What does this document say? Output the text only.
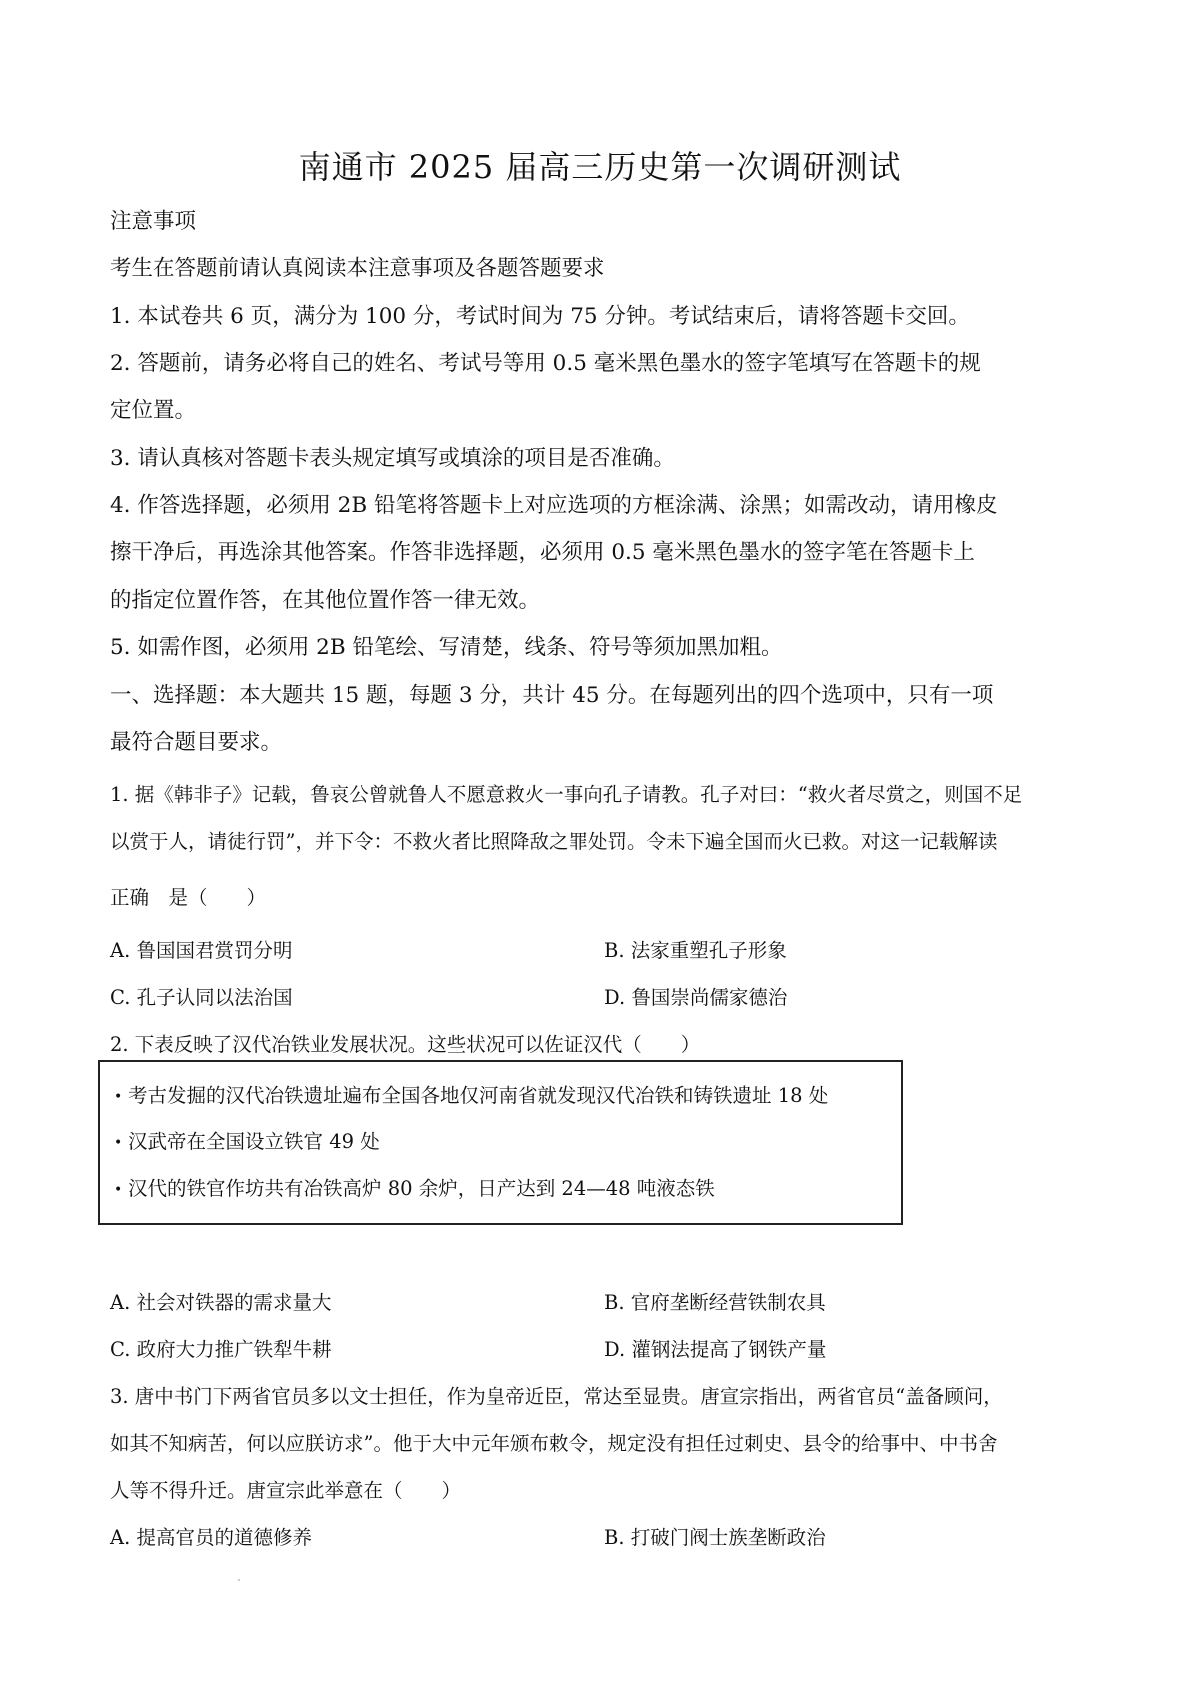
南通市 2025 届高三历史第一次调研测试
注意事项
考生在答题前请认真阅读本注意事项及各题答题要求
1. 本试卷共 6 页，满分为 100 分，考试时间为 75 分钟。考试结束后，请将答题卡交回。
2. 答题前，请务必将自己的姓名、考试号等用 0.5 毫米黑色墨水的签字笔填写在答题卡的规
定位置。
3. 请认真核对答题卡表头规定填写或填涂的项目是否准确。
4. 作答选择题，必须用 2B 铅笔将答题卡上对应选项的方框涂满、涂黑；如需改动，请用橡皮
擦干净后，再选涂其他答案。作答非选择题，必须用 0.5 毫米黑色墨水的签字笔在答题卡上
的指定位置作答，在其他位置作答一律无效。
5. 如需作图，必须用 2B 铅笔绘、写清楚，线条、符号等须加黑加粗。
一、选择题：本大题共 15 题，每题 3 分，共计 45 分。在每题列出的四个选项中，只有一项
最符合题目要求。
1. 据《韩非子》记载，鲁哀公曾就鲁人不愿意救火一事向孔子请教。孔子对曰：“救火者尽赏之，则国不足
以赏于人，请徒行罚”，并下令：不救火者比照降敌之罪处罚。令未下遍全国而火已救。对这一记载解读
正确　是（　　）
A. 鲁国国君赏罚分明	B. 法家重塑孔子形象
C. 孔子认同以法治国	D. 鲁国崇尚儒家德治
2. 下表反映了汉代冶铁业发展状况。这些状况可以佐证汉代（　　）
• 考古发掘的汉代冶铁遗址遍布全国各地仅河南省就发现汉代冶铁和铸铁遗址 18 处
• 汉武帝在全国设立铁官 49 处
• 汉代的铁官作坊共有冶铁高炉 80 余炉，日产达到 24—48 吨液态铁
A. 社会对铁器的需求量大	B. 官府垄断经营铁制农具
C. 政府大力推广铁犁牛耕	D. 灌钢法提高了钢铁产量
3. 唐中书门下两省官员多以文士担任，作为皇帝近臣，常达至显贵。唐宣宗指出，两省官员“盖备顾问，
如其不知病苦，何以应朕访求”。他于大中元年颁布敕令，规定没有担任过刺史、县令的给事中、中书舍
人等不得升迁。唐宣宗此举意在（　　）
A. 提高官员的道德修养	B. 打破门阀士族垄断政治
